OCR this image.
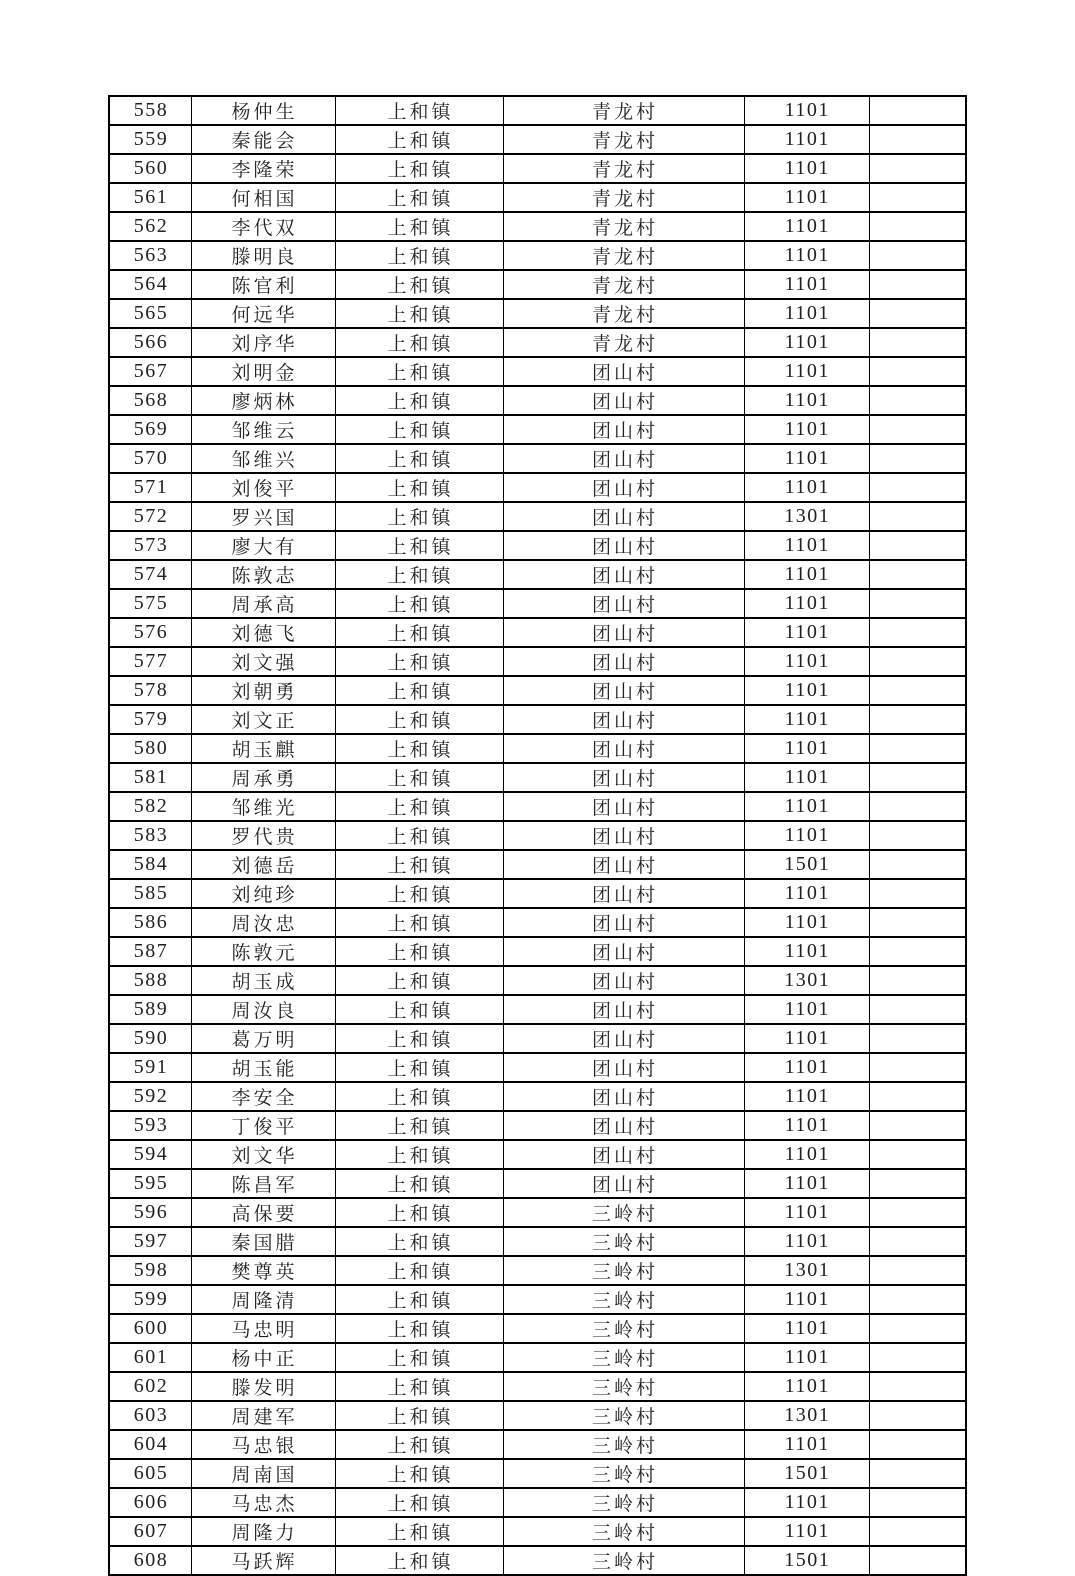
558	杨仲生	上和镇	青龙村	1101	
559	秦能会	上和镇	青龙村	1101	
560	李隆荣	上和镇	青龙村	1101	
561	何相国	上和镇	青龙村	1101	
562	李代双	上和镇	青龙村	1101	
563	滕明良	上和镇	青龙村	1101	
564	陈官利	上和镇	青龙村	1101	
565	何远华	上和镇	青龙村	1101	
566	刘序华	上和镇	青龙村	1101	
567	刘明金	上和镇	团山村	1101	
568	廖炳林	上和镇	团山村	1101	
569	邹维云	上和镇	团山村	1101	
570	邹维兴	上和镇	团山村	1101	
571	刘俊平	上和镇	团山村	1101	
572	罗兴国	上和镇	团山村	1301	
573	廖大有	上和镇	团山村	1101	
574	陈敦志	上和镇	团山村	1101	
575	周承高	上和镇	团山村	1101	
576	刘德飞	上和镇	团山村	1101	
577	刘文强	上和镇	团山村	1101	
578	刘朝勇	上和镇	团山村	1101	
579	刘文正	上和镇	团山村	1101	
580	胡玉麒	上和镇	团山村	1101	
581	周承勇	上和镇	团山村	1101	
582	邹维光	上和镇	团山村	1101	
583	罗代贵	上和镇	团山村	1101	
584	刘德岳	上和镇	团山村	1501	
585	刘纯珍	上和镇	团山村	1101	
586	周汝忠	上和镇	团山村	1101	
587	陈敦元	上和镇	团山村	1101	
588	胡玉成	上和镇	团山村	1301	
589	周汝良	上和镇	团山村	1101	
590	葛万明	上和镇	团山村	1101	
591	胡玉能	上和镇	团山村	1101	
592	李安全	上和镇	团山村	1101	
593	丁俊平	上和镇	团山村	1101	
594	刘文华	上和镇	团山村	1101	
595	陈昌军	上和镇	团山村	1101	
596	高保要	上和镇	三岭村	1101	
597	秦国腊	上和镇	三岭村	1101	
598	樊尊英	上和镇	三岭村	1301	
599	周隆清	上和镇	三岭村	1101	
600	马忠明	上和镇	三岭村	1101	
601	杨中正	上和镇	三岭村	1101	
602	滕发明	上和镇	三岭村	1101	
603	周建军	上和镇	三岭村	1301	
604	马忠银	上和镇	三岭村	1101	
605	周南国	上和镇	三岭村	1501	
606	马忠杰	上和镇	三岭村	1101	
607	周隆力	上和镇	三岭村	1101	
608	马跃辉	上和镇	三岭村	1501	
